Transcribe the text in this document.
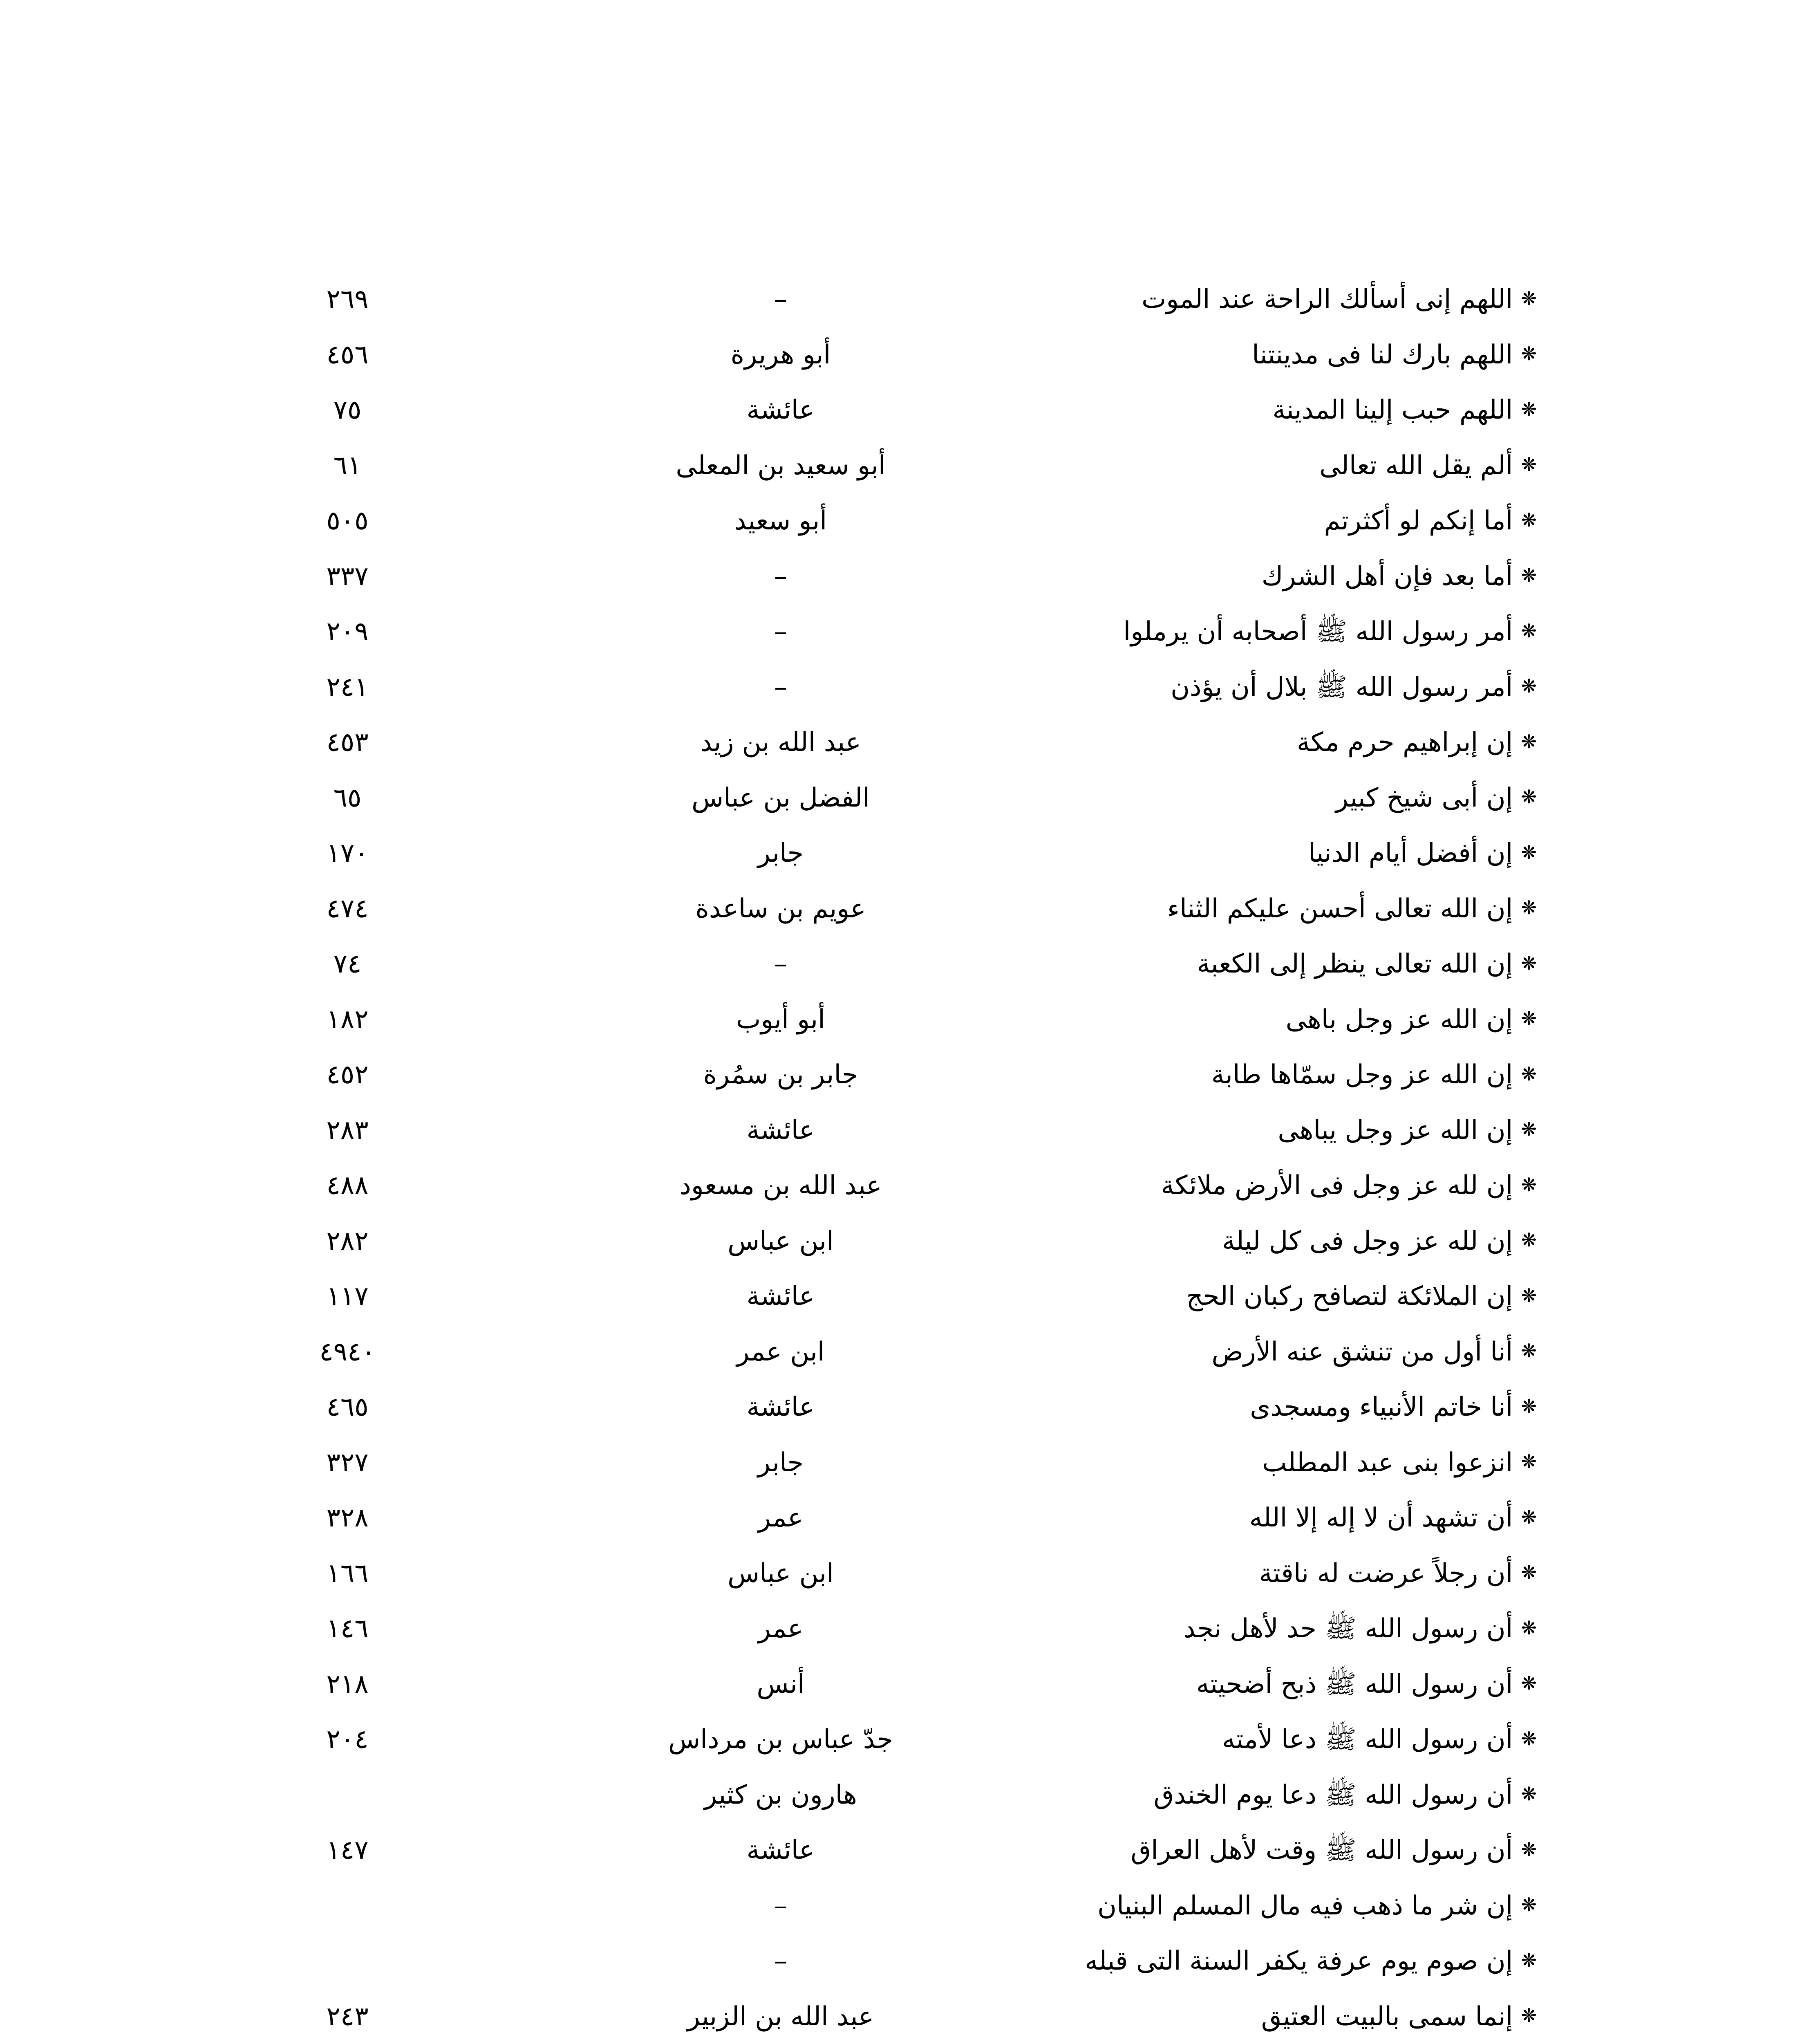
❋اللهم إنى أسألك الراحة عند الموت
–
٢٦٩
❋اللهم بارك لنا فى مدينتنا
أبو هريرة
٤٥٦
❋اللهم حبب إلينا المدينة
عائشة
٧٥
❋ألم يقل الله تعالى
أبو سعيد بن المعلى
٦١
❋أما إنكم لو أكثرتم
أبو سعيد
٥٠٥
❋أما بعد فإن أهل الشرك
–
٣٣٧
❋أمر رسول الله ﷺ أصحابه أن يرملوا
–
٢٠٩
❋أمر رسول الله ﷺ بلال أن يؤذن
–
٢٤١
❋إن إبراهيم حرم مكة
عبد الله بن زيد
٤٥٣
❋إن أبى شيخ كبير
الفضل بن عباس
٦٥
❋إن أفضل أيام الدنيا
جابر
١٧٠
❋إن الله تعالى أحسن عليكم الثناء
عويم بن ساعدة
٤٧٤
❋إن الله تعالى ينظر إلى الكعبة
–
٧٤
❋إن الله عز وجل باهى
أبو أيوب
١٨٢
❋إن الله عز وجل سمّاها طابة
جابر بن سمُرة
٤٥٢
❋إن الله عز وجل يباهى
عائشة
٢٨٣
❋إن لله عز وجل فى الأرض ملائكة
عبد الله بن مسعود
٤٨٨
❋إن لله عز وجل فى كل ليلة
ابن عباس
٢٨٢
❋إن الملائكة لتصافح ركبان الحج
عائشة
١١٧
❋أنا أول من تنشق عنه الأرض
ابن عمر
٤٩٤٠
❋أنا خاتم الأنبياء ومسجدى
عائشة
٤٦٥
❋انزعوا بنى عبد المطلب
جابر
٣٢٧
❋أن تشهد أن لا إله إلا الله
عمر
٣٢٨
❋أن رجلاً عرضت له ناقتة
ابن عباس
١٦٦
❋أن رسول الله ﷺ حد لأهل نجد
عمر
١٤٦
❋أن رسول الله ﷺ ذبح أضحيته
أنس
٢١٨
❋أن رسول الله ﷺ دعا لأمته
جدّ عباس بن مرداس
٢٠٤
❋أن رسول الله ﷺ دعا يوم الخندق
هارون بن كثير
❋أن رسول الله ﷺ وقت لأهل العراق
عائشة
١٤٧
❋إن شر ما ذهب فيه مال المسلم البنيان
–
❋إن صوم يوم عرفة يكفر السنة التى قبله
–
❋إنما سمى بالبيت العتيق
عبد الله بن الزبير
٢٤٣
